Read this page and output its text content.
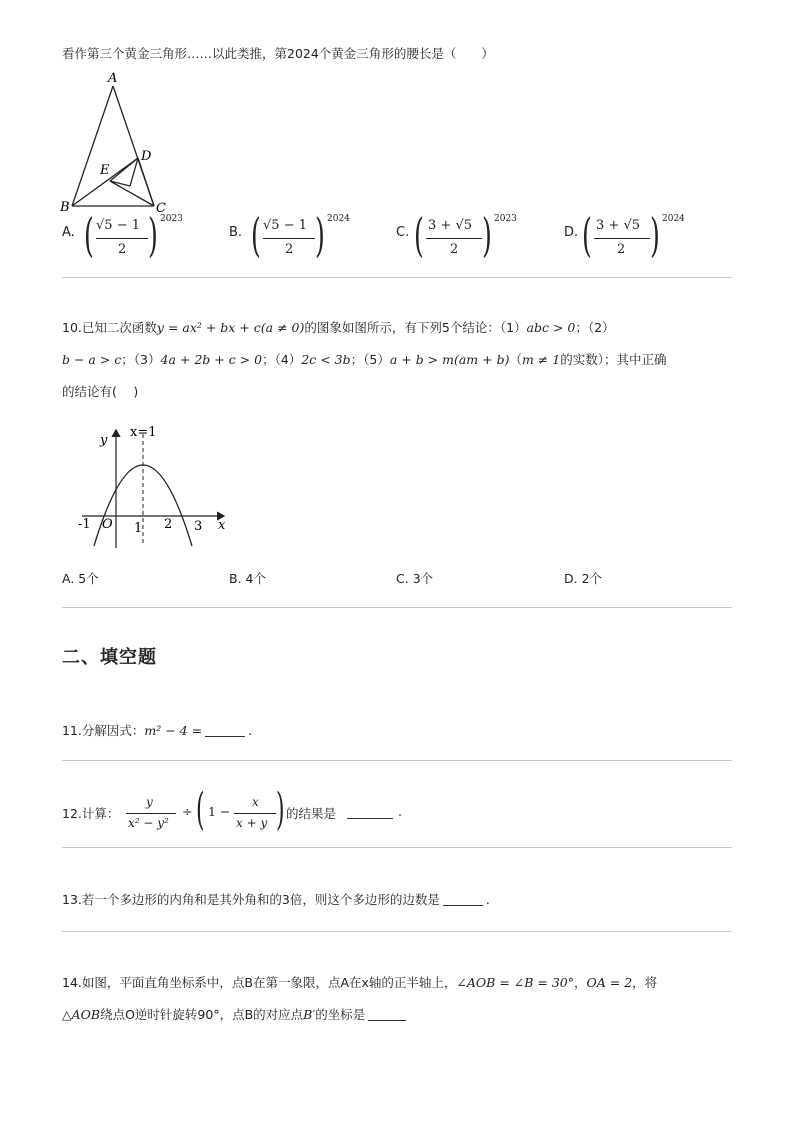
看作第三个黄金三角形……以此类推，第2024个黄金三角形的腰长是（　　）
A
B	C
D
E
A. ( √5 − 1
2 ) 2023
B. ( √5 − 1
2 ) 2024
C. ( 3 + √5
2 ) 2023
D. ( 3 + √5
2 ) 2024
10.已知二次函数y = ax² + bx + c(a ≠ 0)的图象如图所示，有下列5个结论：（1）abc > 0；（2）
b − a > c；（3）4a + 2b + c > 0；（4）2c < 3b；（5）a + b > m(am + b)（m ≠ 1的实数）；其中正确
的结论有(　 )
y
x
x=1
O
-1	1 2 3
A. 5个	B. 4个	C. 3个	D. 2个
二、填空题
11.分解因式：m² − 4 =	.
12.计算：
y
x² − y²
÷ ( 1 −
x
x + y ) 的结果是	.
13.若一个多边形的内角和是其外角和的3倍，则这个多边形的边数是	.
14.如图，平面直角坐标系中，点B在第一象限，点A在x轴的正半轴上，∠AOB = ∠B = 30°，OA = 2，将
△AOB绕点O逆时针旋转90°，点B的对应点B′的坐标是
